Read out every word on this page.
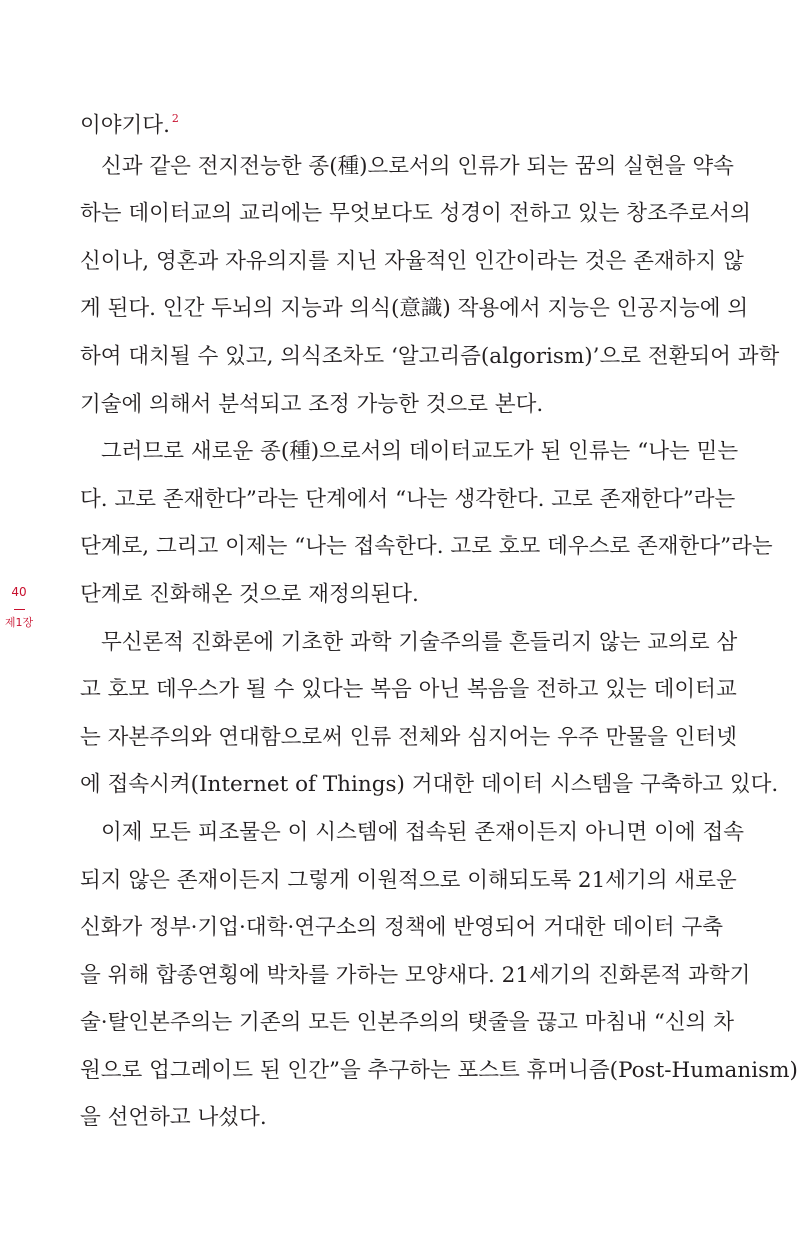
이야기다. $^2$
신과 같은 전지전능한 종(種)으로서의 인류가 되는 꿈의 실현을 약속
하는 데이터교의 교리에는 무엇보다도 성경이 전하고 있는 창조주로서의
신이나, 영혼과 자유의지를 지닌 자율적인 인간이라는 것은 존재하지 않
게 된다. 인간 두뇌의 지능과 의식(意識) 작용에서 지능은 인공지능에 의
하여 대치될 수 있고, 의식조차도 ‘알고리즘(algorism)’으로 전환되어 과학
기술에 의해서 분석되고 조정 가능한 것으로 본다.
그러므로 새로운 종(種)으로서의 데이터교도가 된 인류는 “나는 믿는
다. 고로 존재한다”라는 단계에서 “나는 생각한다. 고로 존재한다”라는
단계로, 그리고 이제는 “나는 접속한다. 고로 호모 데우스로 존재한다”라는
단계로 진화해온 것으로 재정의된다.
무신론적 진화론에 기초한 과학 기술주의를 흔들리지 않는 교의로 삼
고 호모 데우스가 될 수 있다는 복음 아닌 복음을 전하고 있는 데이터교
는 자본주의와 연대함으로써 인류 전체와 심지어는 우주 만물을 인터넷
에 접속시켜(Internet of Things) 거대한 데이터 시스템을 구축하고 있다.
이제 모든 피조물은 이 시스템에 접속된 존재이든지 아니면 이에 접속
되지 않은 존재이든지 그렇게 이원적으로 이해되도록 21세기의 새로운
신화가 정부·기업·대학·연구소의 정책에 반영되어 거대한 데이터 구축
을 위해 합종연횡에 박차를 가하는 모양새다. 21세기의 진화론적 과학기
술·탈인본주의는 기존의 모든 인본주의의 탯줄을 끊고 마침내 “신의 차
원으로 업그레이드 된 인간”을 추구하는 포스트 휴머니즘(Post-Humanism)
을 선언하고 나섰다.
40
제1장
